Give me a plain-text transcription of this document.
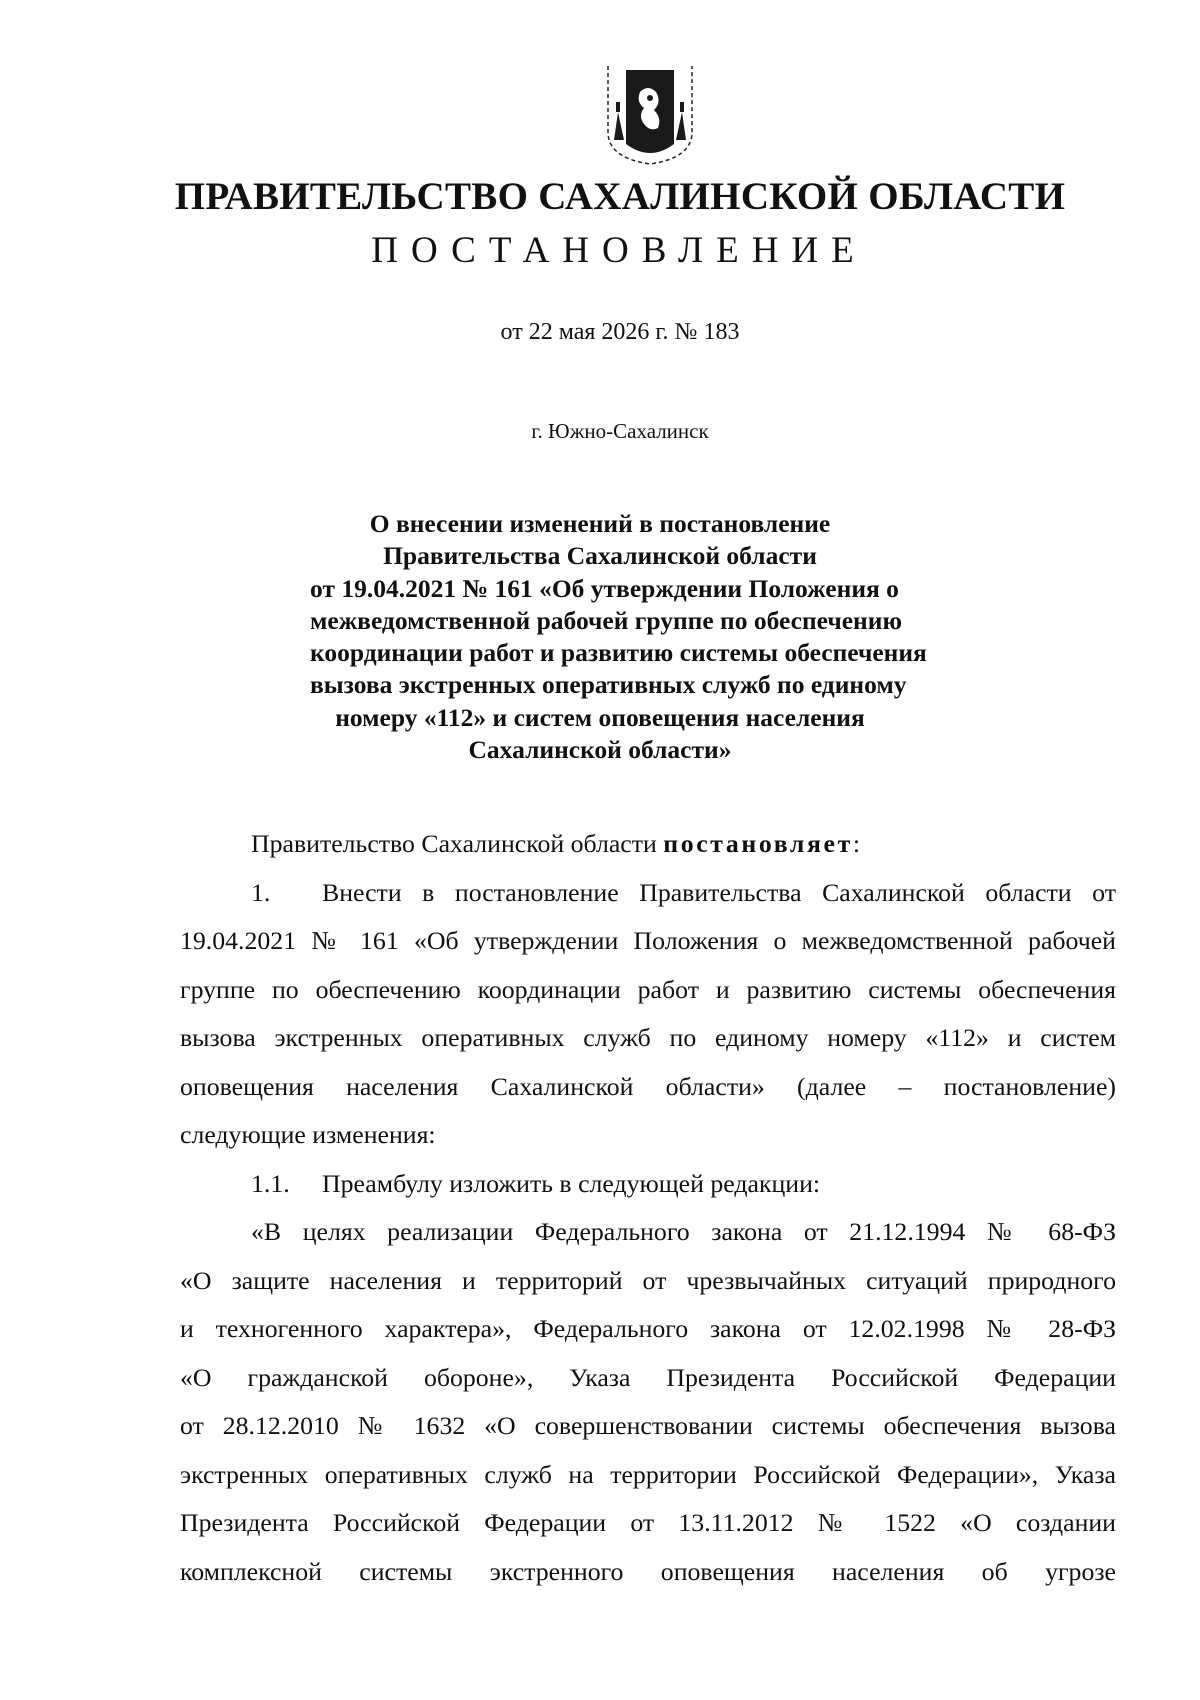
ПРАВИТЕЛЬСТВО САХАЛИНСКОЙ ОБЛАСТИ
ПОСТАНОВЛЕНИЕ
от 22 мая 2026 г. № 183
г. Южно-Сахалинск
О внесении изменений в постановление
Правительства Сахалинской области
от 19.04.2021 № 161 «Об утверждении Положения о
межведомственной рабочей группе по обеспечению
координации работ и развитию системы обеспечения
вызова экстренных оперативных служб по единому
номеру «112» и систем оповещения населения
Сахалинской области»
Правительство Сахалинской области постановляет:
1. Внести в постановление Правительства Сахалинской области от
19.04.2021 № 161 «Об утверждении Положения о межведомственной рабочей
группе по обеспечению координации работ и развитию системы обеспечения
вызова экстренных оперативных служб по единому номеру «112» и систем
оповещения населения Сахалинской области» (далее – постановление)
следующие изменения:
1.1. Преамбулу изложить в следующей редакции:
«В целях реализации Федерального закона от 21.12.1994 № 68-ФЗ
«О защите населения и территорий от чрезвычайных ситуаций природного
и техногенного характера», Федерального закона от 12.02.1998 № 28-ФЗ
«О гражданской обороне», Указа Президента Российской Федерации
от 28.12.2010 № 1632 «О совершенствовании системы обеспечения вызова
экстренных оперативных служб на территории Российской Федерации», Указа
Президента Российской Федерации от 13.11.2012 № 1522 «О создании
комплексной системы экстренного оповещения населения об угрозе
